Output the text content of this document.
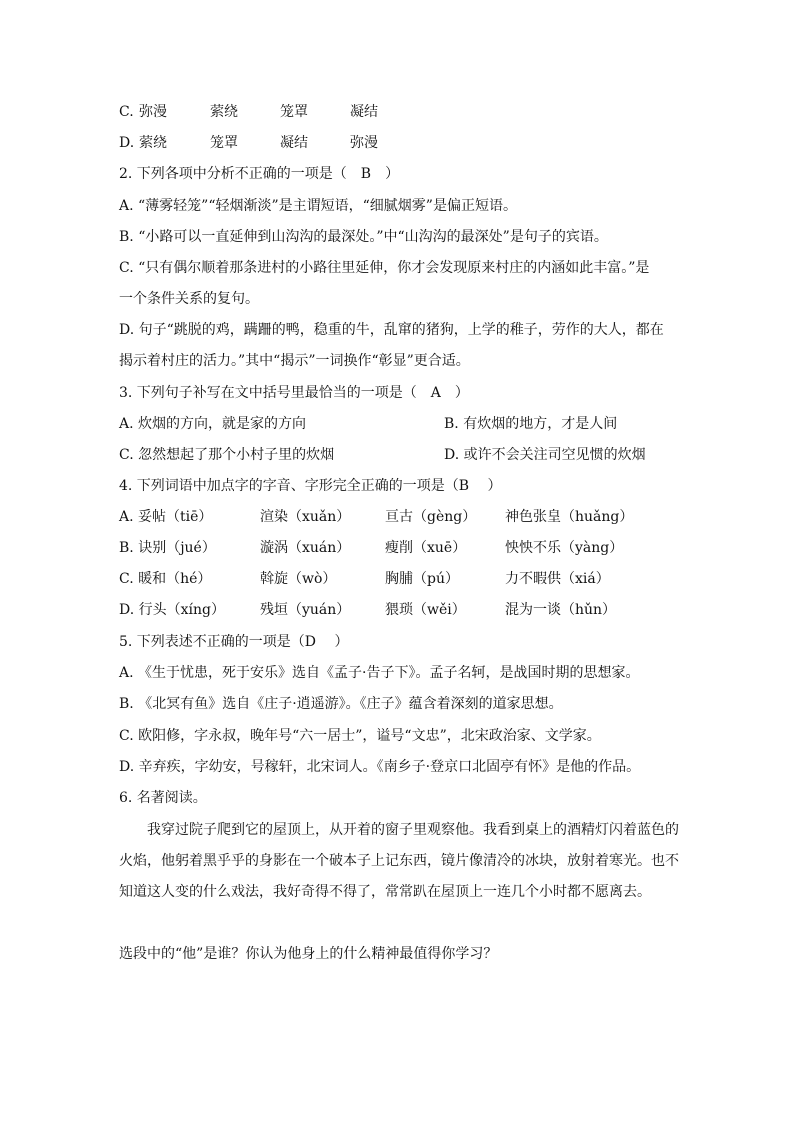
C. 弥漫	萦绕	笼罩	凝结
D. 萦绕	笼罩	凝结	弥漫
2. 下列各项中分析不正确的一项是（　B　）
A. “薄雾轻笼”“轻烟渐淡”是主谓短语，“细腻烟雾”是偏正短语。
B. “小路可以一直延伸到山沟沟的最深处。”中“山沟沟的最深处”是句子的宾语。
C. “只有偶尔顺着那条进村的小路往里延伸，你才会发现原来村庄的内涵如此丰富。”是
一个条件关系的复句。
D. 句子“跳脱的鸡，蹒跚的鸭，稳重的牛，乱窜的猪狗，上学的稚子，劳作的大人，都在
揭示着村庄的活力。”其中“揭示”一词换作“彰显”更合适。
3. 下列句子补写在文中括号里最恰当的一项是（　A　）
A. 炊烟的方向，就是家的方向	B. 有炊烟的地方，才是人间
C. 忽然想起了那个小村子里的炊烟	D. 或许不会关注司空见惯的炊烟
4. 下列词语中加点字的字音、字形完全正确的一项是（B　 ）
A. 妥帖（tiē）	渲染（xuǎn） 亘古（gèng） 神色张皇（huǎng）
B. 诀别（jué）	漩涡（xuán） 瘦削（xuē）	怏怏不乐（yàng）
C. 暖和（hé）	斡旋（wò）	胸脯（pú）	力不暇供（xiá）
D. 行头（xíng）	残垣（yuán） 猥琐（wěi）	混为一谈（hǔn）
5. 下列表述不正确的一项是（D　 ）
A. 《生于忧患，死于安乐》选自《孟子·告子下》。孟子名轲，是战国时期的思想家。
B. 《北冥有鱼》选自《庄子·逍遥游》。《庄子》蕴含着深刻的道家思想。
C. 欧阳修，字永叔，晚年号“六一居士”，谥号“文忠”，北宋政治家、文学家。
D. 辛弃疾，字幼安，号稼轩，北宋词人。《南乡子·登京口北固亭有怀》是他的作品。
6. 名著阅读。

我穿过院子爬到它的屋顶上，从开着的窗子里观察他。我看到桌上的酒精灯闪着蓝色的火焰，他躬着黑乎乎的身影在一个破本子上记东西，镜片像清冷的冰块，放射着寒光。也不知道这人变的什么戏法，我好奇得不得了，常常趴在屋顶上一连几个小时都不愿离去。

选段中的“他”是谁？你认为他身上的什么精神最值得你学习？
